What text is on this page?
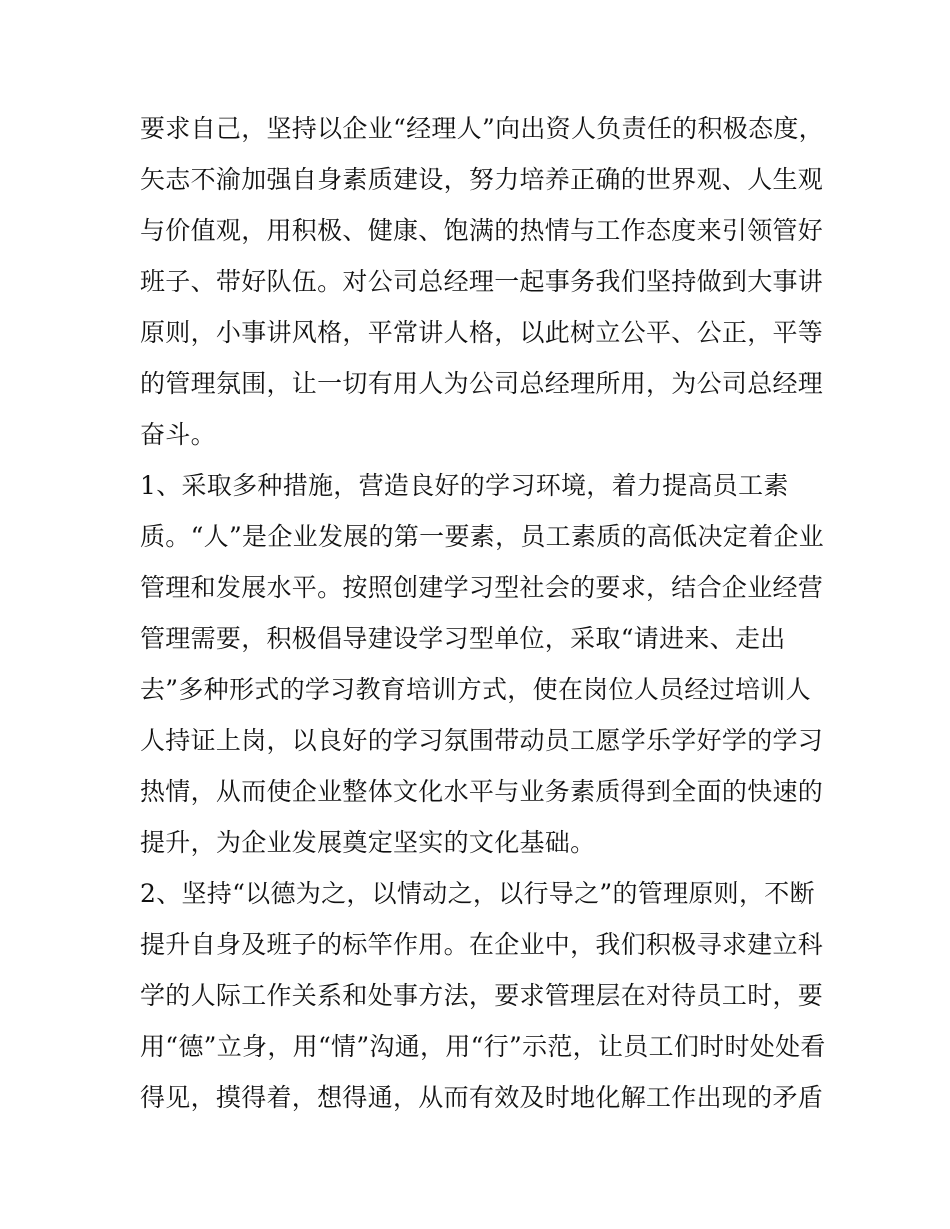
要求自己，坚持以企业“经理人”向出资人负责任的积极态度，
矢志不渝加强自身素质建设，努力培养正确的世界观、人生观
与价值观，用积极、健康、饱满的热情与工作态度来引领管好
班子、带好队伍。对公司总经理一起事务我们坚持做到大事讲
原则，小事讲风格，平常讲人格，以此树立公平、公正，平等
的管理氛围，让一切有用人为公司总经理所用，为公司总经理
奋斗。
1、采取多种措施，营造良好的学习环境，着力提高员工素
质。“人”是企业发展的第一要素，员工素质的高低决定着企业
管理和发展水平。按照创建学习型社会的要求，结合企业经营
管理需要，积极倡导建设学习型单位，采取“请进来、走出
去”多种形式的学习教育培训方式，使在岗位人员经过培训人
人持证上岗，以良好的学习氛围带动员工愿学乐学好学的学习
热情，从而使企业整体文化水平与业务素质得到全面的快速的
提升，为企业发展奠定坚实的文化基础。
2、坚持“以德为之，以情动之，以行导之”的管理原则，不断
提升自身及班子的标竿作用。在企业中，我们积极寻求建立科
学的人际工作关系和处事方法，要求管理层在对待员工时，要
用“德”立身，用“情”沟通，用“行”示范，让员工们时时处处看
得见，摸得着，想得通，从而有效及时地化解工作出现的矛盾
